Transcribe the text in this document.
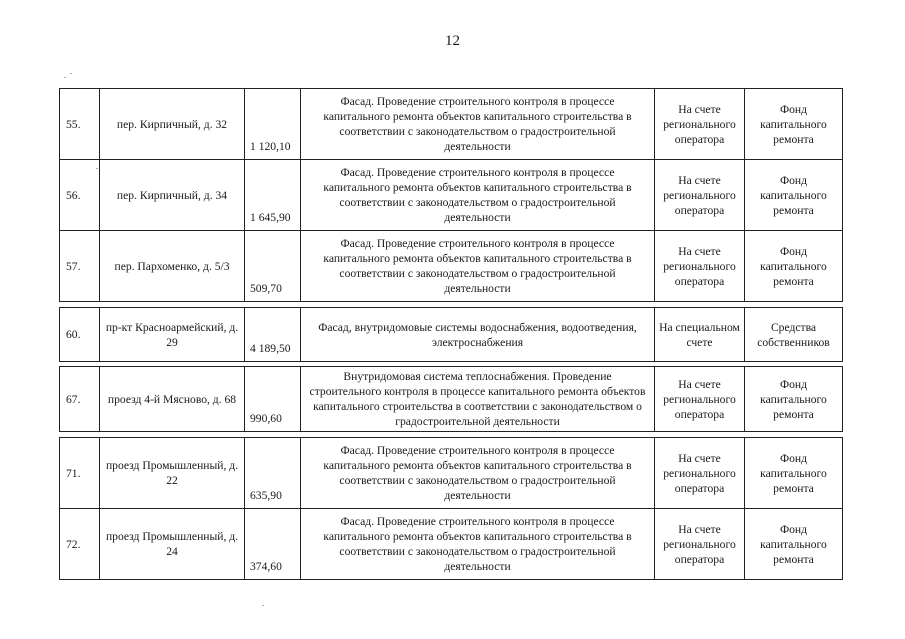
12
55.	пер. Кирпичный, д. 32	1 120,10	Фасад. Проведение строительного контроля в процессе капитального ремонта объектов капитального строительства в соответствии с законодательством о градостроительной деятельности	На счете регионального оператора	Фонд капитального ремонта
56.	пер. Кирпичный, д. 34	1 645,90	Фасад. Проведение строительного контроля в процессе капитального ремонта объектов капитального строительства в соответствии с законодательством о градостроительной деятельности	На счете регионального оператора	Фонд капитального ремонта
57.	пер. Пархоменко, д. 5/3	509,70	Фасад. Проведение строительного контроля в процессе капитального ремонта объектов капитального строительства в соответствии с законодательством о градостроительной деятельности	На счете регионального оператора	Фонд капитального ремонта
60.	пр-кт Красноармейский, д. 29	4 189,50	Фасад, внутридомовые системы водоснабжения, водоотведения, электроснабжения	На специальном счете	Средства собственников
67.	проезд 4-й Мясново, д. 68	990,60	Внутридомовая система теплоснабжения. Проведение строительного контроля в процессе капитального ремонта объектов капитального строительства в соответствии с законодательством о градостроительной деятельности	На счете регионального оператора	Фонд капитального ремонта
71.	проезд Промышленный, д. 22	635,90	Фасад. Проведение строительного контроля в процессе капитального ремонта объектов капитального строительства в соответствии с законодательством о градостроительной деятельности	На счете регионального оператора	Фонд капитального ремонта
72.	проезд Промышленный, д. 24	374,60	Фасад. Проведение строительного контроля в процессе капитального ремонта объектов капитального строительства в соответствии с законодательством о градостроительной деятельности	На счете регионального оператора	Фонд капитального ремонта
